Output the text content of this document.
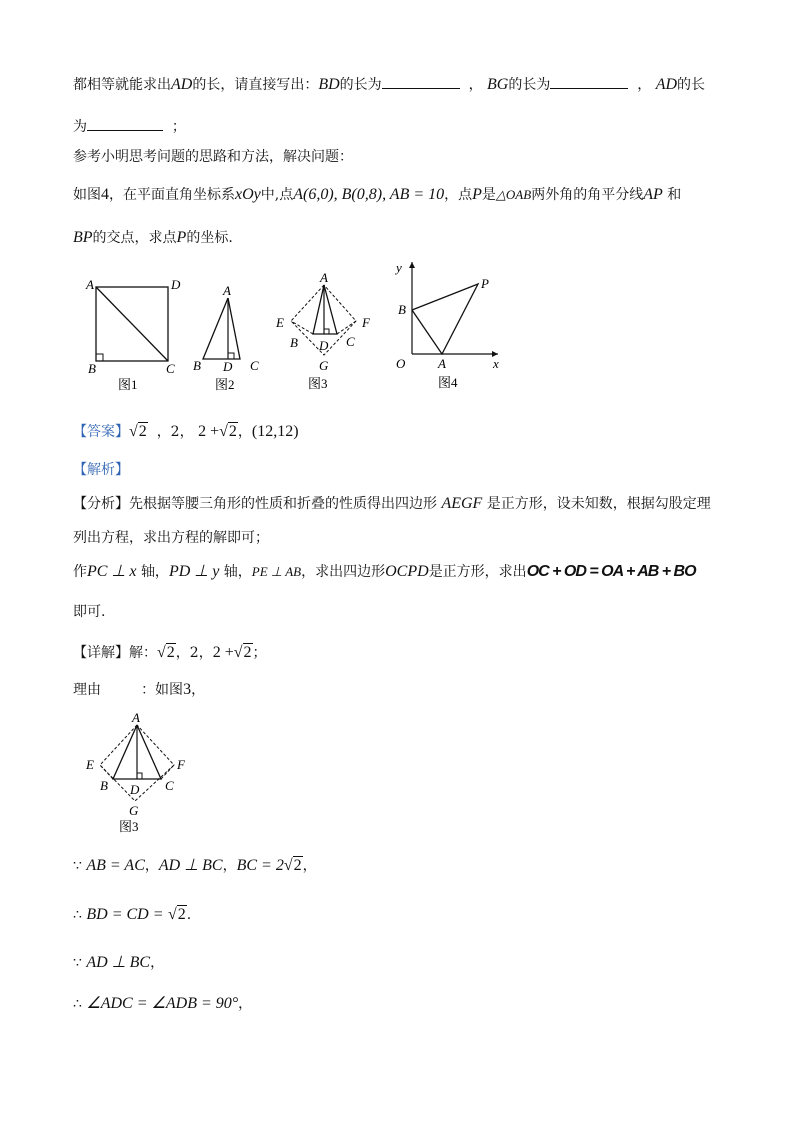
都相等就能求出AD的长，请直接写出：BD的长为	， BG的长为	， AD的长
为	；
参考小明思考问题的思路和方法，解决问题：
如图4，在平面直角坐标系xOy中,点A(6,0), B(0,8), AB = 10，点P是△OAB两外角的角平分线AP 和
BP的交点，求点P的坐标.
A	D
B	C
图1
A
B D C
图2
A
E	F
B D C
G
图3
y
P
B
O	A	x
图4
【答案】√2 ，2， 2 +√2，(12,12)
【解析】
【分析】先根据等腰三角形的性质和折叠的性质得出四边形 AEGF 是正方形，设未知数，根据勾股定理
列出方程，求出方程的解即可；
作PC ⊥ x 轴，PD ⊥ y 轴，PE ⊥ AB，求出四边形OCPD是正方形，求出OC + OD = OA + AB + BO
即可.
【详解】解：√2，2，2 +√2；
理由	：如图3，
A
E	F
B D C
G
图3
∵ AB = AC，AD ⊥ BC，BC = 2√2，
∴ BD = CD = √2.
∵ AD ⊥ BC，
∴ ∠ADC = ∠ADB = 90°，
